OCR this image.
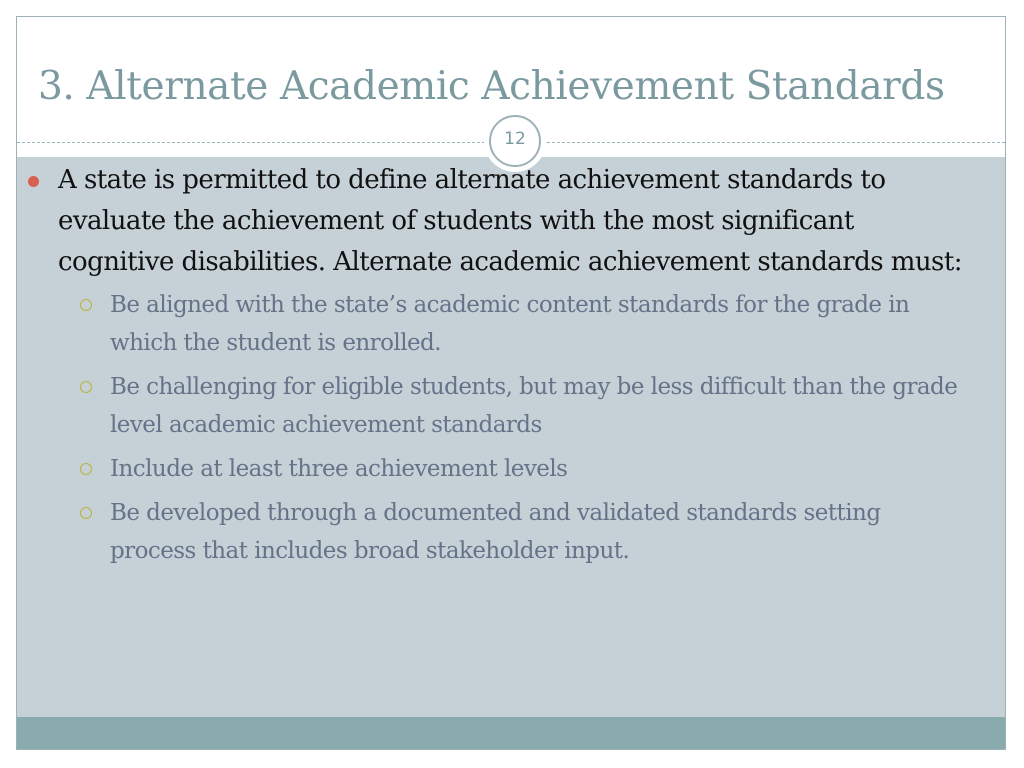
3. Alternate Academic Achievement Standards
12
A state is permitted to define alternate achievement standards to evaluate the achievement of students with the most significant cognitive disabilities. Alternate academic achievement standards must:
Be aligned with the state’s academic content standards for the grade in which the student is enrolled.
Be challenging for eligible students, but may be less difficult than the grade level academic achievement standards
Include at least three achievement levels
Be developed through a documented and validated standards setting process that includes broad stakeholder input.
